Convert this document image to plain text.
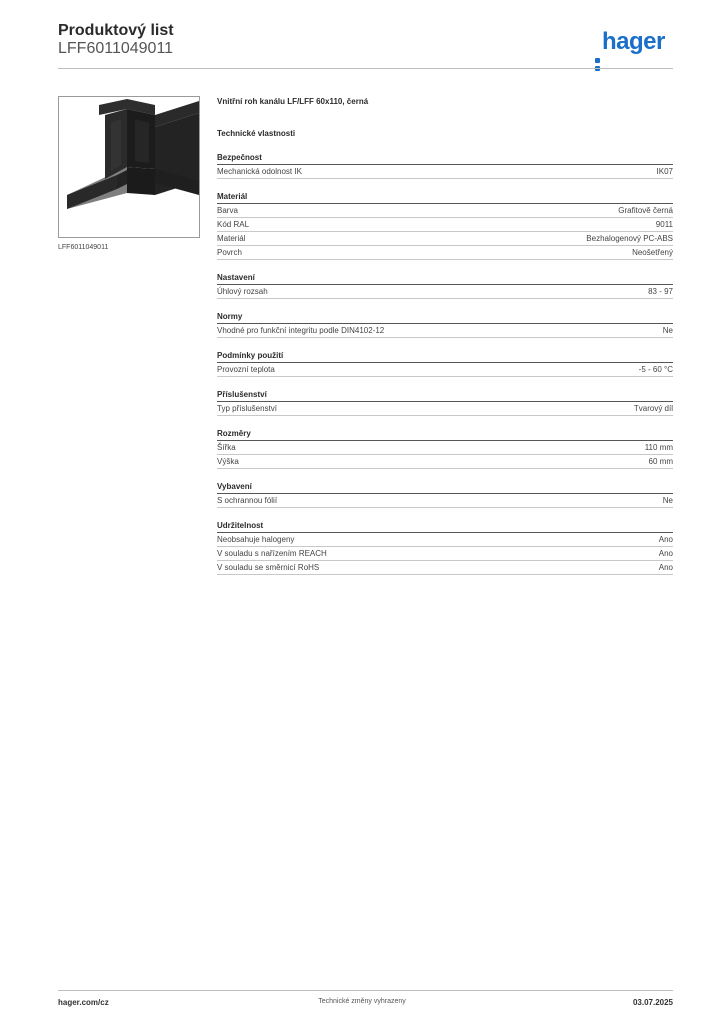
Produktový list
LFF6011049011	hager
LFF6011049011
Vnitřní roh kanálu LF/LFF 60x110, černá
Technické vlastnosti
Bezpečnost
Mechanická odolnost IK	IK07
Materiál
Barva	Grafitově černá
Kód RAL	9011
Materiál	Bezhalogenový PC-ABS
Povrch	Neošetřený
Nastavení
Úhlový rozsah	83 - 97
Normy
Vhodné pro funkční integritu podle DIN4102-12	Ne
Podmínky použití
Provozní teplota	-5 - 60 °C
Příslušenství
Typ příslušenství	Tvarový díl
Rozměry
Šířka	110 mm
Výška	60 mm
Vybavení
S ochrannou fólií	Ne
Udržitelnost
Neobsahuje halogeny	Ano
V souladu s nařízením REACH	Ano
V souladu se směrnicí RoHS	Ano
hager.com/cz	Technické změny vyhrazeny	03.07.2025
